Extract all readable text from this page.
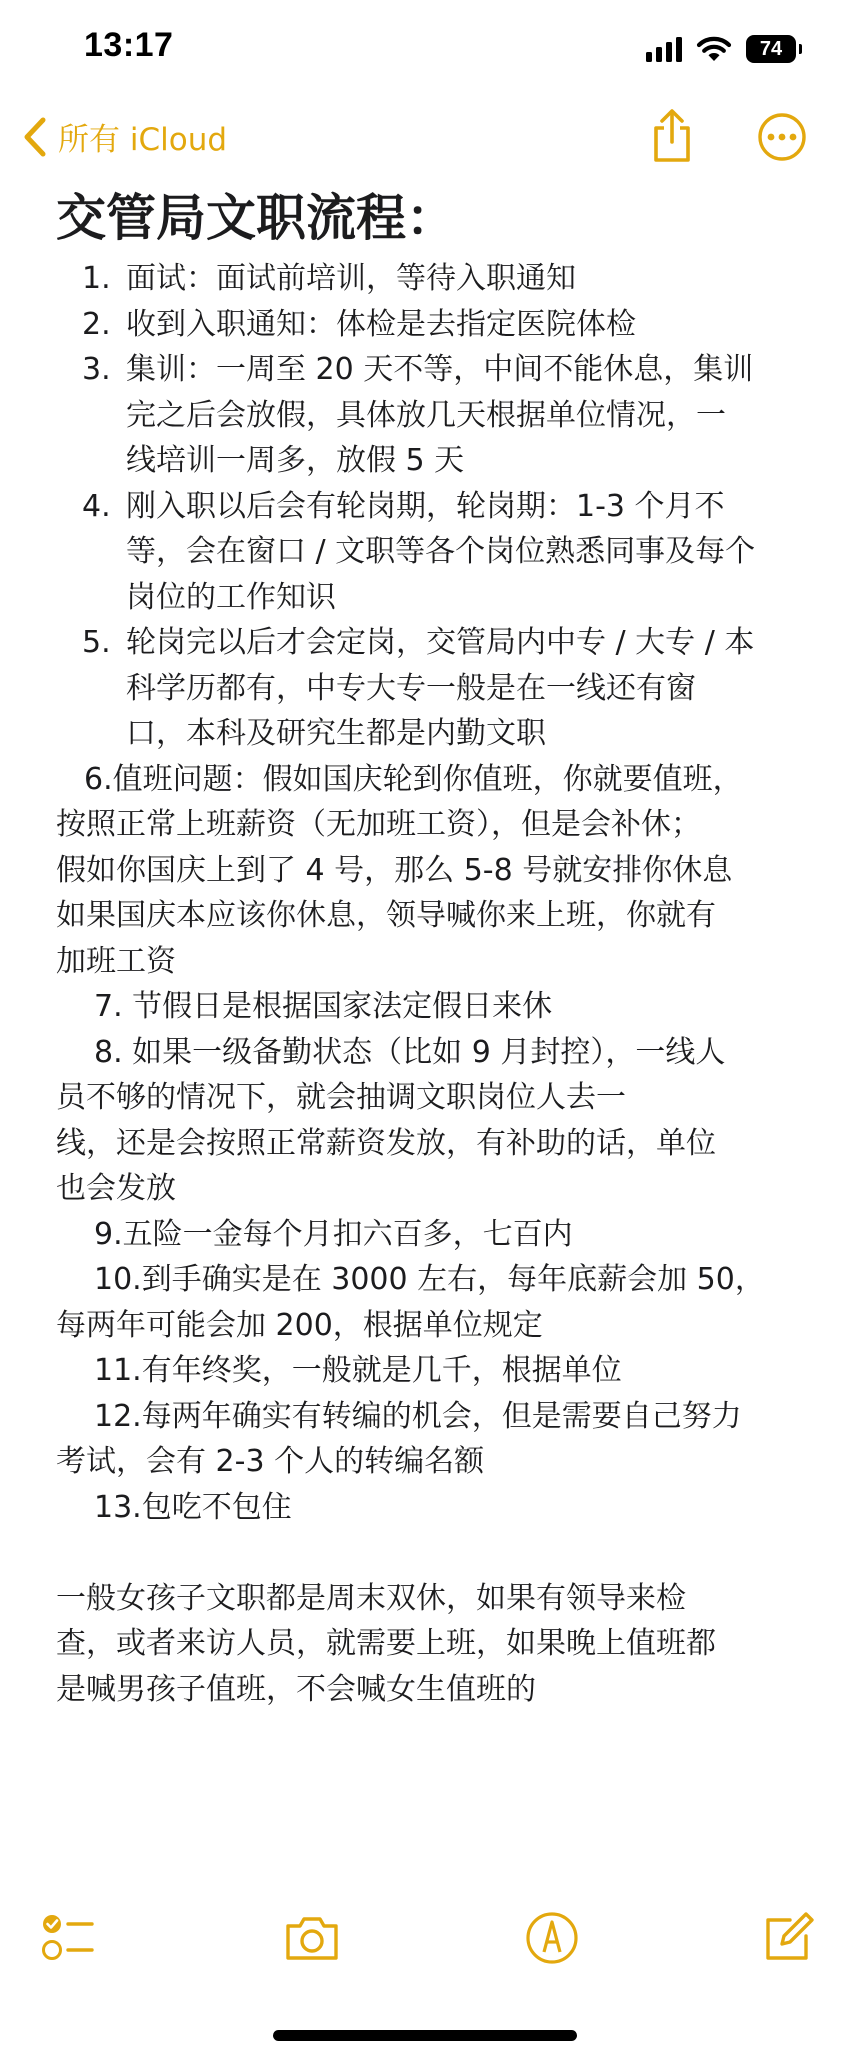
13:17	74
所有 iCloud
交管局文职流程：
1. 面试：面试前培训，等待入职通知
2. 收到入职通知：体检是去指定医院体检
3. 集训：一周至 20 天不等，中间不能休息，集训
完之后会放假，具体放几天根据单位情况，一
线培训一周多，放假 5 天
4. 刚入职以后会有轮岗期，轮岗期：1-3 个月不
等，会在窗口 / 文职等各个岗位熟悉同事及每个
岗位的工作知识
5. 轮岗完以后才会定岗，交管局内中专 / 大专 / 本
科学历都有，中专大专一般是在一线还有窗
口，本科及研究生都是内勤文职

6.值班问题：假如国庆轮到你值班，你就要值班，

按照正常上班薪资（无加班工资），但是会补休；

假如你国庆上到了 4 号，那么 5-8 号就安排你休息

如果国庆本应该你休息，领导喊你来上班，你就有

加班工资

7. 节假日是根据国家法定假日来休

8. 如果一级备勤状态（比如 9 月封控），一线人

员不够的情况下，就会抽调文职岗位人去一

线，还是会按照正常薪资发放，有补助的话，单位

也会发放

9.五险一金每个月扣六百多，七百内

10.到手确实是在 3000 左右，每年底薪会加 50，

每两年可能会加 200，根据单位规定

11.有年终奖，一般就是几千，根据单位

12.每两年确实有转编的机会，但是需要自己努力

考试，会有 2-3 个人的转编名额

13.包吃不包住

一般女孩子文职都是周末双休，如果有领导来检

查，或者来访人员，就需要上班，如果晚上值班都

是喊男孩子值班，不会喊女生值班的
